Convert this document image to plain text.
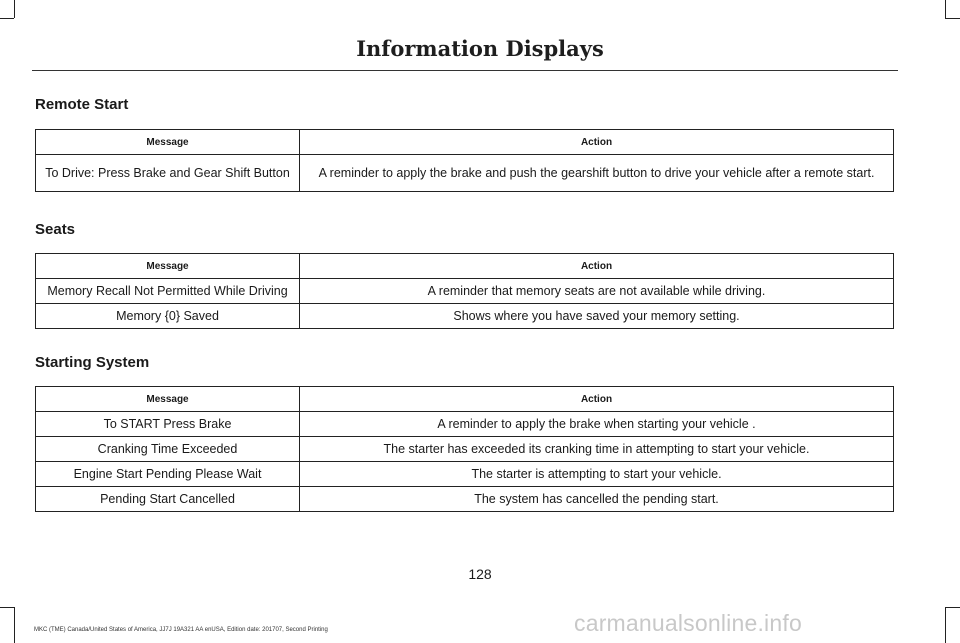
Information Displays
Remote Start
Message	Action
To Drive: Press Brake and Gear Shift Button	A reminder to apply the brake and push the gearshift button to drive your vehicle after a remote start.
Seats
Message	Action
Memory Recall Not Permitted While Driving	A reminder that memory seats are not available while driving.
Memory {0} Saved	Shows where you have saved your memory setting.
Starting System
Message	Action
To START Press Brake	A reminder to apply the brake when starting your vehicle .
Cranking Time Exceeded	The starter has exceeded its cranking time in attempting to start your vehicle.
Engine Start Pending Please Wait	The starter is attempting to start your vehicle.
Pending Start Cancelled	The system has cancelled the pending start.
128
MKC (TME) Canada/United States of America, JJ7J 19A321 AA enUSA, Edition date: 201707, Second Printing	carmanualsonline.info
